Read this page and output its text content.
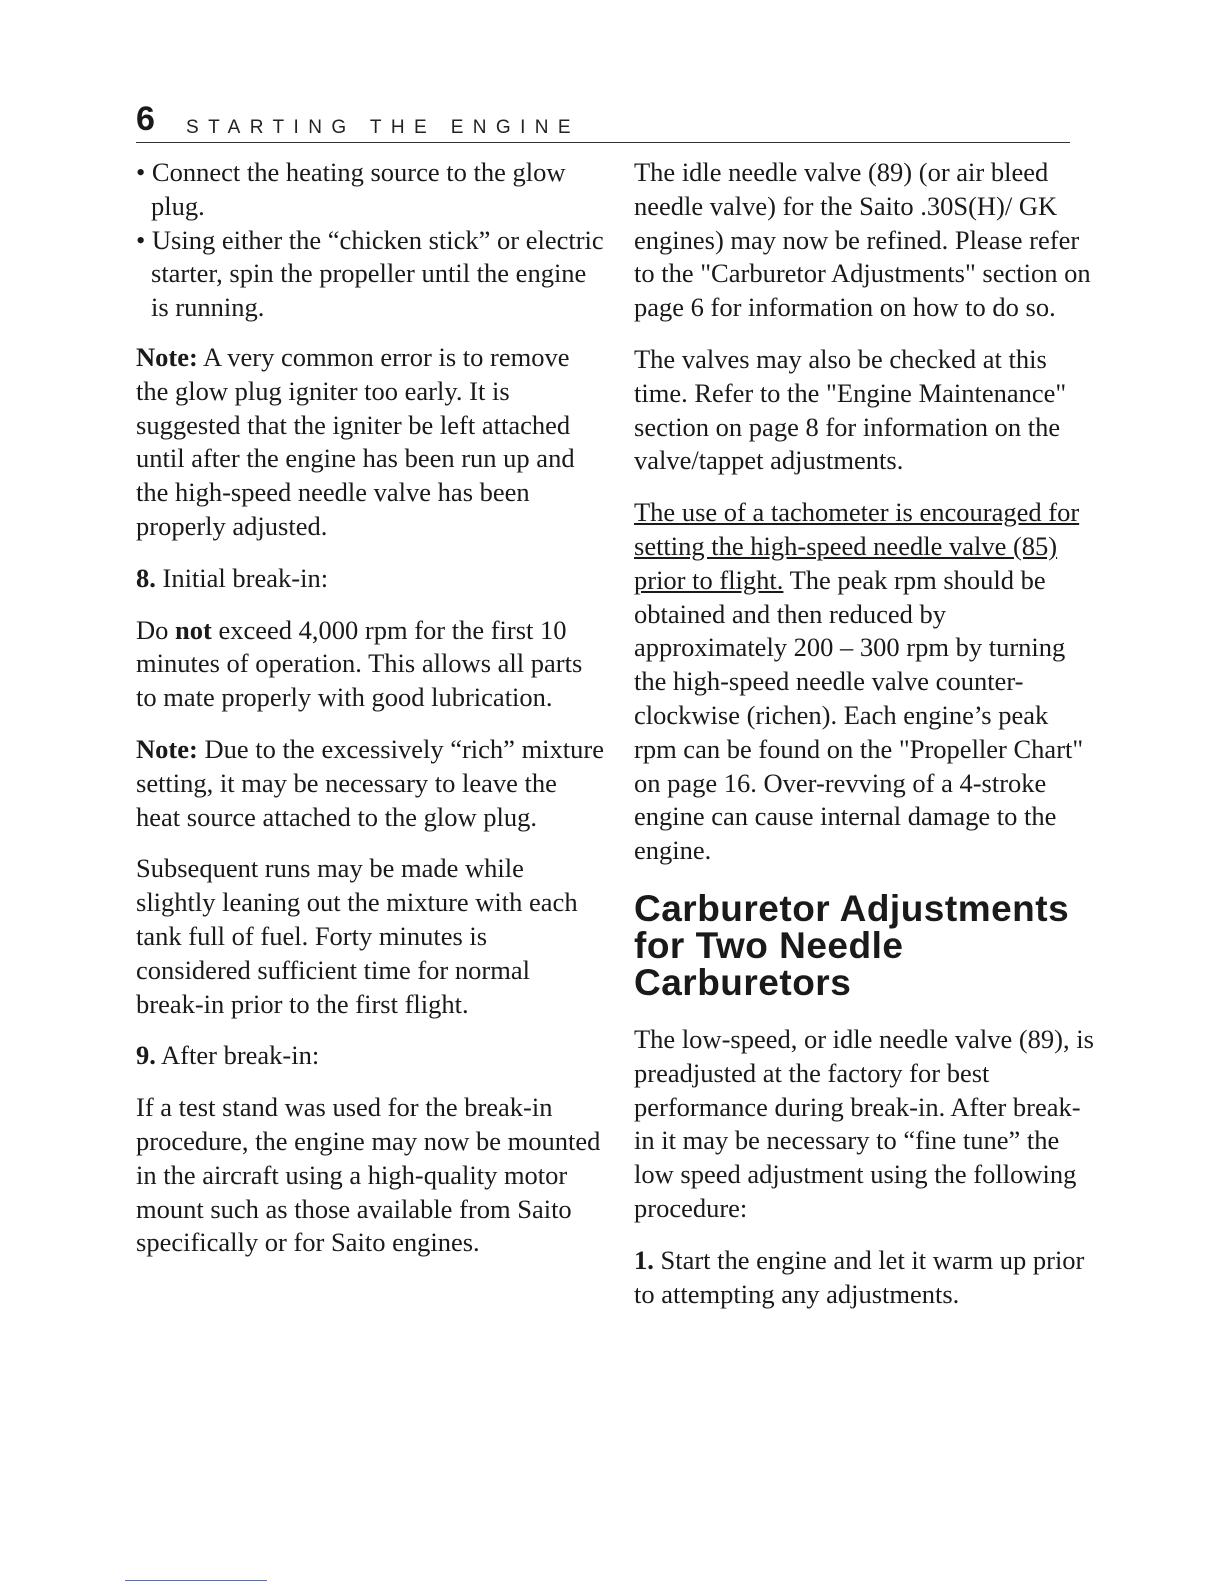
6 STARTING THE ENGINE
• Connect the heating source to the glow plug.
• Using either the “chicken stick” or electric starter, spin the propeller until the engine is running.

Note: A very common error is to remove the glow plug igniter too early. It is suggested that the igniter be left attached until after the engine has been run up and the high-speed needle valve has been properly adjusted.

8. Initial break-in:

Do not exceed 4,000 rpm for the first 10 minutes of operation. This allows all parts to mate properly with good lubrication.

Note: Due to the excessively “rich” mixture setting, it may be necessary to leave the heat source attached to the glow plug.

Subsequent runs may be made while slightly leaning out the mixture with each tank full of fuel. Forty minutes is considered sufficient time for normal break-in prior to the first flight.

9. After break-in:

If a test stand was used for the break-in procedure, the engine may now be mounted in the aircraft using a high-quality motor mount such as those available from Saito specifically or for Saito engines.

The idle needle valve (89) (or air bleed needle valve) for the Saito .30S(H)/ GK engines) may now be refined. Please refer to the "Carburetor Adjustments" section on page 6 for information on how to do so.

The valves may also be checked at this time. Refer to the "Engine Maintenance" section on page 8 for information on the valve/tappet adjustments.

The use of a tachometer is encouraged for setting the high-speed needle valve (85) prior to flight. The peak rpm should be obtained and then reduced by approximately 200 – 300 rpm by turning the high-speed needle valve counter-clockwise (richen). Each engine’s peak rpm can be found on the "Propeller Chart" on page 16. Over-revving of a 4-stroke engine can cause internal damage to the engine.

Carburetor Adjustments for Two Needle Carburetors

The low-speed, or idle needle valve (89), is preadjusted at the factory for best performance during break-in. After break-in it may be necessary to “fine tune” the low speed adjustment using the following procedure:

1. Start the engine and let it warm up prior to attempting any adjustments.
